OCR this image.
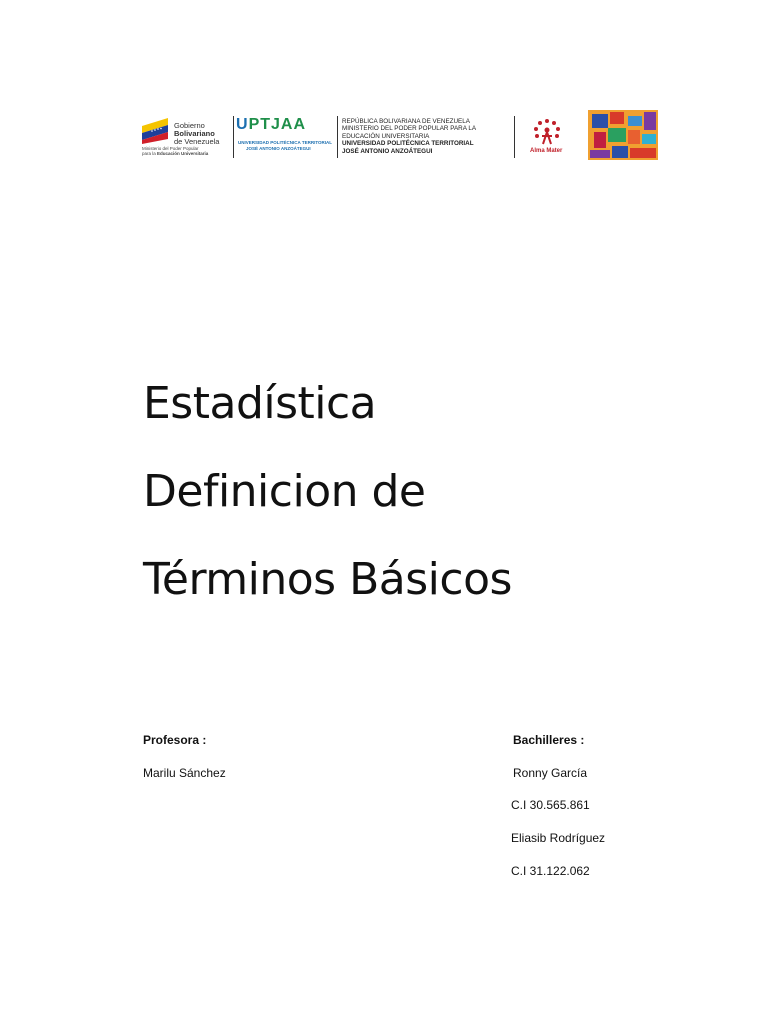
Gobierno
Bolivariano
de Venezuela
Ministerio del Poder Popular
para la Educación Universitaria
UPTJAA
UNIVERSIDAD POLITÉCNICA TERRITORIAL
JOSÉ ANTONIO ANZOÁTEGUI
REPÚBLICA BOLIVARIANA DE VENEZUELA
MINISTERIO DEL PODER POPULAR PARA LA
EDUCACIÓN UNIVERSITARIA
UNIVERSIDAD POLITÉCNICA TERRITORIAL
JOSÉ ANTONIO ANZOÁTEGUI	Alma Mater
Estadística
Definicion de
Términos Básicos
Profesora :
Marilu Sánchez
Bachilleres :
Ronny García
C.I 30.565.861
Eliasib Rodríguez
C.I 31.122.062
